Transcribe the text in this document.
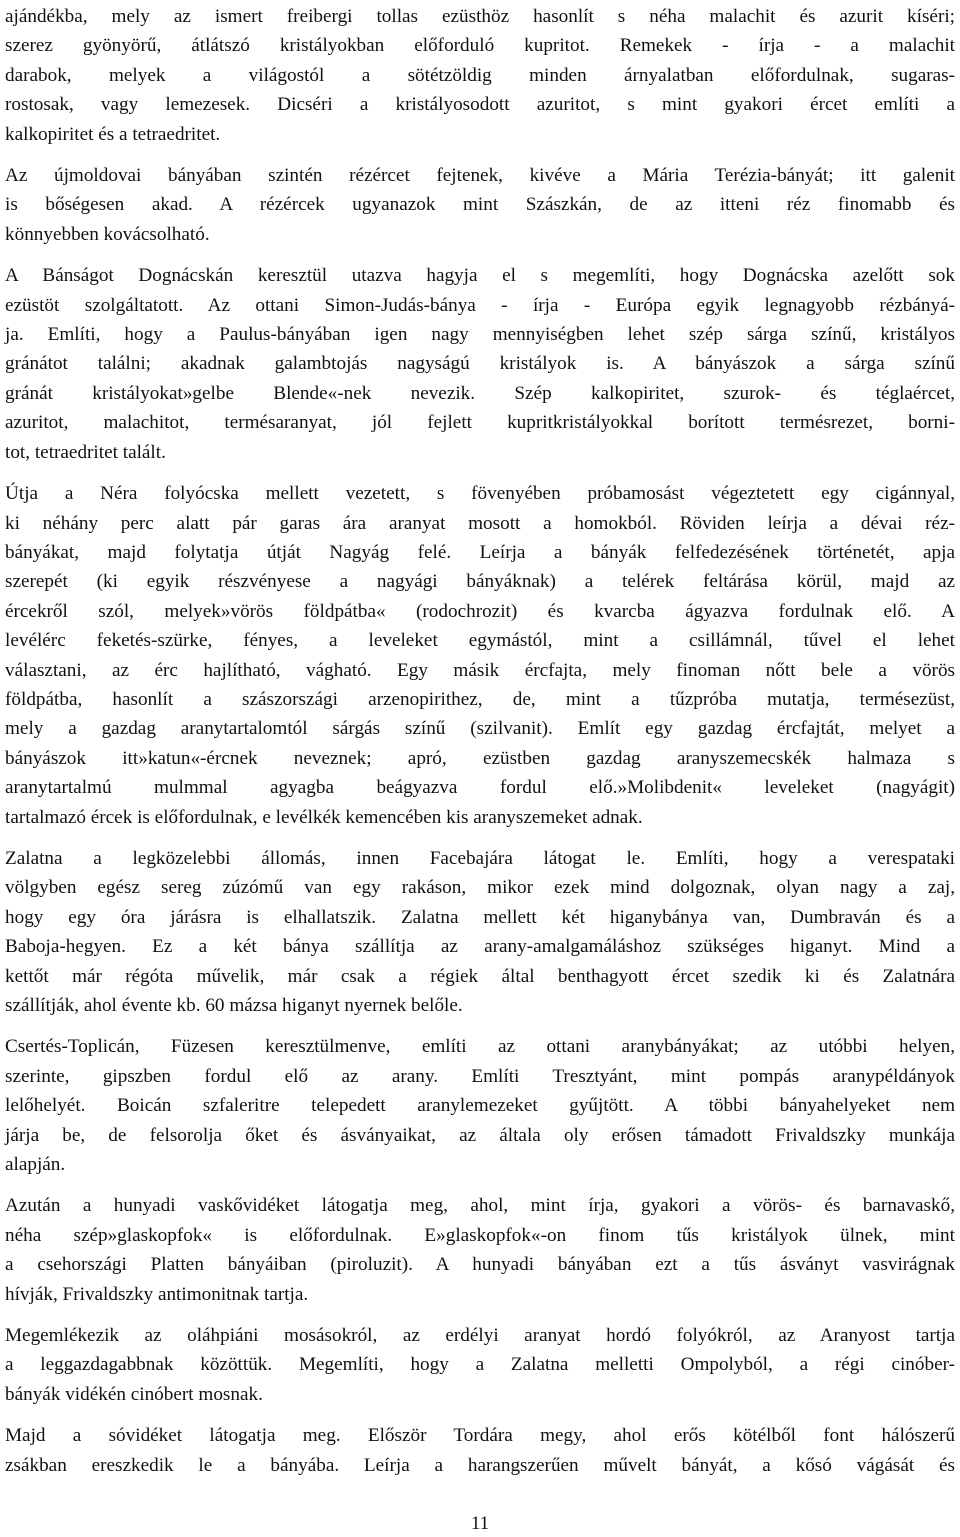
ajándékba, mely az ismert freibergi tollas ezüsthöz hasonlít s néha malachit és azurit kíséri;
szerez gyönyörű, átlátszó kristályokban előforduló kupritot. Remekek - írja - a malachit
darabok, melyek a világostól a sötétzöldig minden árnyalatban előfordulnak, sugaras-
rostosak, vagy lemezesek. Dicséri a kristályosodott azuritot, s mint gyakori ércet említi a
kalkopiritet és a tetraedritet.

Az újmoldovai bányában szintén rézércet fejtenek, kivéve a Mária Terézia-bányát; itt galenit
is bőségesen akad. A rézércek ugyanazok mint Szászkán, de az itteni réz finomabb és
könnyebben kovácsolható.

A Bánságot Dognácskán keresztül utazva hagyja el s megemlíti, hogy Dognácska azelőtt sok
ezüstöt szolgáltatott. Az ottani Simon-Judás-bánya - írja - Európa egyik legnagyobb rézbányá-
ja. Említi, hogy a Paulus-bányában igen nagy mennyiségben lehet szép sárga színű, kristályos
gránátot találni; akadnak galambtojás nagyságú kristályok is. A bányászok a sárga színű
gránát kristályokat»gelbe Blende«-nek nevezik. Szép kalkopiritet, szurok- és téglaércet,
azuritot, malachitot, termésaranyat, jól fejlett kupritkristályokkal borított termésrezet, borni-
tot, tetraedritet talált.

Útja a Néra folyócska mellett vezetett, s fövenyében próbamosást végeztetett egy cigánnyal,
ki néhány perc alatt pár garas ára aranyat mosott a homokból. Röviden leírja a dévai réz-
bányákat, majd folytatja útját Nagyág felé. Leírja a bányák felfedezésének történetét, apja
szerepét (ki egyik részvényese a nagyági bányáknak) a telérek feltárása körül, majd az
ércekről szól, melyek»vörös földpátba« (rodochrozit) és kvarcba ágyazva fordulnak elő. A
levélérc feketés-szürke, fényes, a leveleket egymástól, mint a csillámnál, tűvel el lehet
választani, az érc hajlítható, vágható. Egy másik ércfajta, mely finoman nőtt bele a vörös
földpátba, hasonlít a szászországi arzenopirithez, de, mint a tűzpróba mutatja, termésezüst,
mely a gazdag aranytartalomtól sárgás színű (szilvanit). Említ egy gazdag ércfajtát, melyet a
bányászok itt»katun«-ércnek neveznek; apró, ezüstben gazdag aranyszemecskék halmaza s
aranytartalmú mulmmal agyagba beágyazva fordul elő.»Molibdenit« leveleket (nagyágit)
tartalmazó ércek is előfordulnak, e levélkék kemencében kis aranyszemeket adnak.

Zalatna a legközelebbi állomás, innen Facebajára látogat le. Említi, hogy a verespataki
völgyben egész sereg zúzómű van egy rakáson, mikor ezek mind dolgoznak, olyan nagy a zaj,
hogy egy óra járásra is elhallatszik. Zalatna mellett két higanybánya van, Dumbraván és a
Baboja-hegyen. Ez a két bánya szállítja az arany-amalgamáláshoz szükséges higanyt. Mind a
kettőt már régóta művelik, már csak a régiek által benthagyott ércet szedik ki és Zalatnára
szállítják, ahol évente kb. 60 mázsa higanyt nyernek belőle.

Csertés-Toplicán, Füzesen keresztülmenve, említi az ottani aranybányákat; az utóbbi helyen,
szerinte, gipszben fordul elő az arany. Említi Tresztyánt, mint pompás aranypéldányok
lelőhelyét. Boicán szfaleritre telepedett aranylemezeket gyűjtött. A többi bányahelyeket nem
járja be, de felsorolja őket és ásványaikat, az általa oly erősen támadott Frivaldszky munkája
alapján.

Azután a hunyadi vaskővidéket látogatja meg, ahol, mint írja, gyakori a vörös- és barnavaskő,
néha szép»glaskopfok« is előfordulnak. E»glaskopfok«-on finom tűs kristályok ülnek, mint
a csehországi Platten bányáiban (piroluzit). A hunyadi bányában ezt a tűs ásványt vasvirágnak
hívják, Frivaldszky antimonitnak tartja.

Megemlékezik az oláhpiáni mosásokról, az erdélyi aranyat hordó folyókról, az Aranyost tartja
a leggazdagabbnak közöttük. Megemlíti, hogy a Zalatna melletti Ompolyból, a régi cinóber-
bányák vidékén cinóbert mosnak.

Majd a sóvidéket látogatja meg. Először Tordára megy, ahol erős kötélből font hálószerű
zsákban ereszkedik le a bányába. Leírja a harangszerűen művelt bányát, a kősó vágását és

11
